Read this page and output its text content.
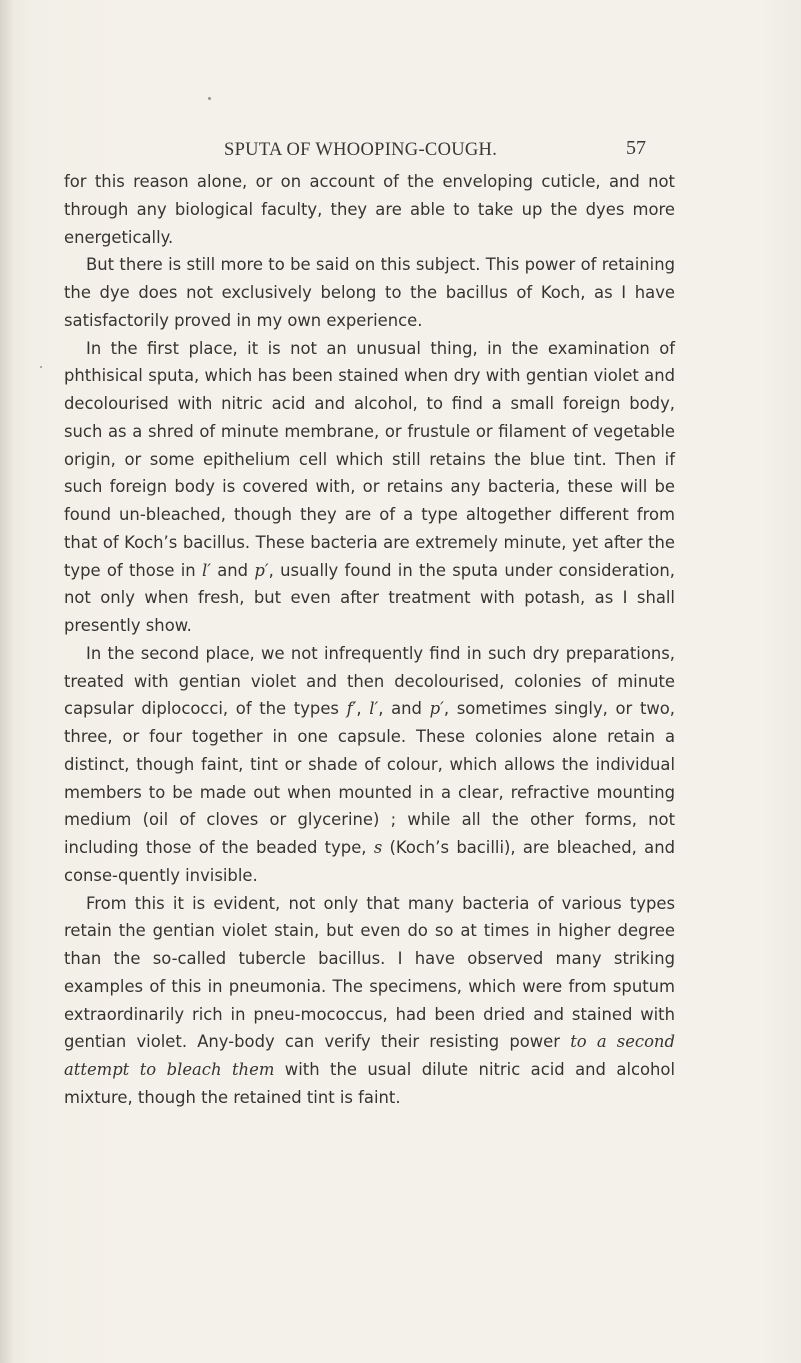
SPUTA OF WHOOPING-COUGH.	57

for this reason alone, or on account of the enveloping cuticle, and not through any biological faculty, they are able to take up the dyes more energetically.

But there is still more to be said on this subject. This power of retaining the dye does not exclusively belong to the bacillus of Koch, as I have satisfactorily proved in my own experience.

In the first place, it is not an unusual thing, in the examination of phthisical sputa, which has been stained when dry with gentian violet and decolourised with nitric acid and alcohol, to find a small foreign body, such as a shred of minute membrane, or frustule or filament of vegetable origin, or some epithelium cell which still retains the blue tint. Then if such foreign body is covered with, or retains any bacteria, these will be found un-bleached, though they are of a type altogether different from that of Koch’s bacillus. These bacteria are extremely minute, yet after the type of those in l′ and p′, usually found in the sputa under consideration, not only when fresh, but even after treatment with potash, as I shall presently show.

In the second place, we not infrequently find in such dry preparations, treated with gentian violet and then decolourised, colonies of minute capsular diplococci, of the types f′, l′, and p′, sometimes singly, or two, three, or four together in one capsule. These colonies alone retain a distinct, though faint, tint or shade of colour, which allows the individual members to be made out when mounted in a clear, refractive mounting medium (oil of cloves or glycerine) ; while all the other forms, not including those of the beaded type, s (Koch’s bacilli), are bleached, and conse-quently invisible.

From this it is evident, not only that many bacteria of various types retain the gentian violet stain, but even do so at times in higher degree than the so-called tubercle bacillus. I have observed many striking examples of this in pneumonia. The specimens, which were from sputum extraordinarily rich in pneu-mococcus, had been dried and stained with gentian violet. Any-body can verify their resisting power to a second attempt to bleach them with the usual dilute nitric acid and alcohol mixture, though the retained tint is faint.
